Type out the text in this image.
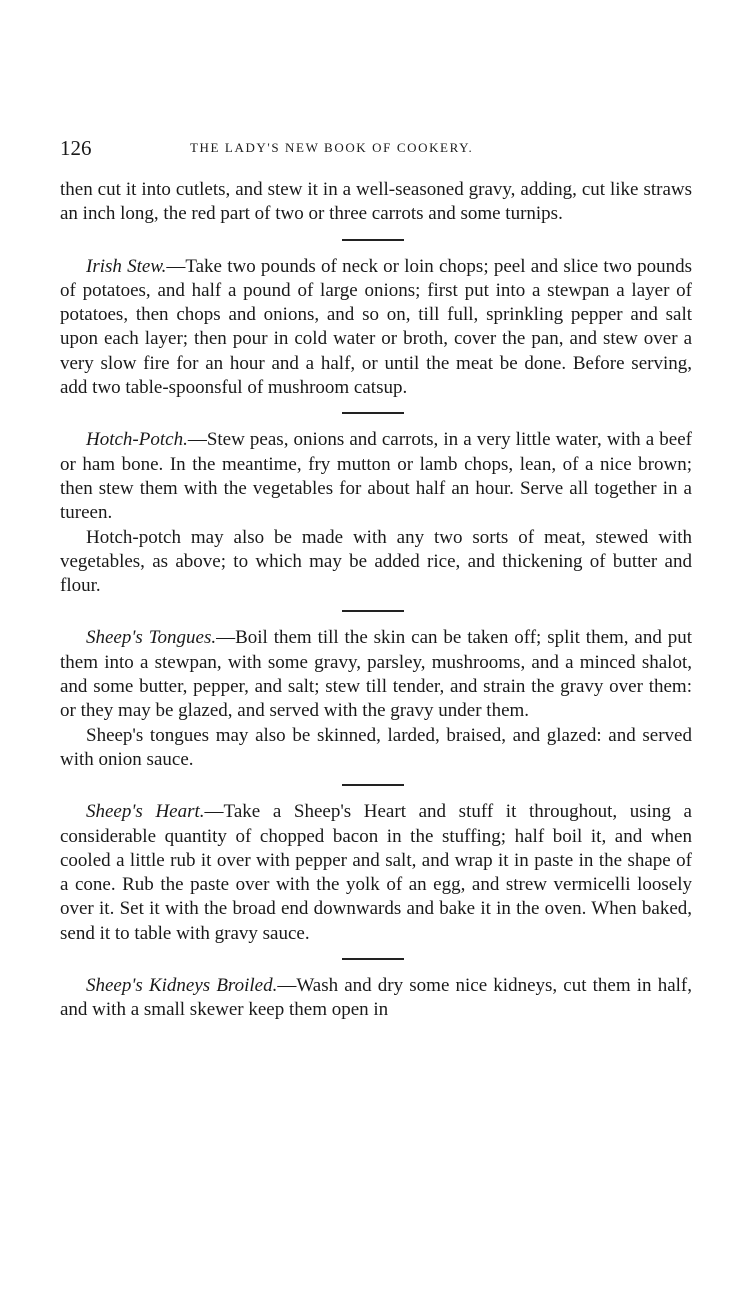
126	THE LADY'S NEW BOOK OF COOKERY.

then cut it into cutlets, and stew it in a well-seasoned gravy, adding, cut like straws an inch long, the red part of two or three carrots and some turnips.

Irish Stew.—Take two pounds of neck or loin chops; peel and slice two pounds of potatoes, and half a pound of large onions; first put into a stewpan a layer of potatoes, then chops and onions, and so on, till full, sprinkling pepper and salt upon each layer; then pour in cold water or broth, cover the pan, and stew over a very slow fire for an hour and a half, or until the meat be done. Before serving, add two table-spoonsful of mushroom catsup.

Hotch-Potch.—Stew peas, onions and carrots, in a very little water, with a beef or ham bone. In the meantime, fry mutton or lamb chops, lean, of a nice brown; then stew them with the vegetables for about half an hour. Serve all together in a tureen.

Hotch-potch may also be made with any two sorts of meat, stewed with vegetables, as above; to which may be added rice, and thickening of butter and flour.

Sheep's Tongues.—Boil them till the skin can be taken off; split them, and put them into a stewpan, with some gravy, parsley, mushrooms, and a minced shalot, and some butter, pepper, and salt; stew till tender, and strain the gravy over them: or they may be glazed, and served with the gravy under them.

Sheep's tongues may also be skinned, larded, braised, and glazed: and served with onion sauce.

Sheep's Heart.—Take a Sheep's Heart and stuff it throughout, using a considerable quantity of chopped bacon in the stuffing; half boil it, and when cooled a little rub it over with pepper and salt, and wrap it in paste in the shape of a cone. Rub the paste over with the yolk of an egg, and strew vermicelli loosely over it. Set it with the broad end downwards and bake it in the oven. When baked, send it to table with gravy sauce.

Sheep's Kidneys Broiled.—Wash and dry some nice kidneys, cut them in half, and with a small skewer keep them open in
